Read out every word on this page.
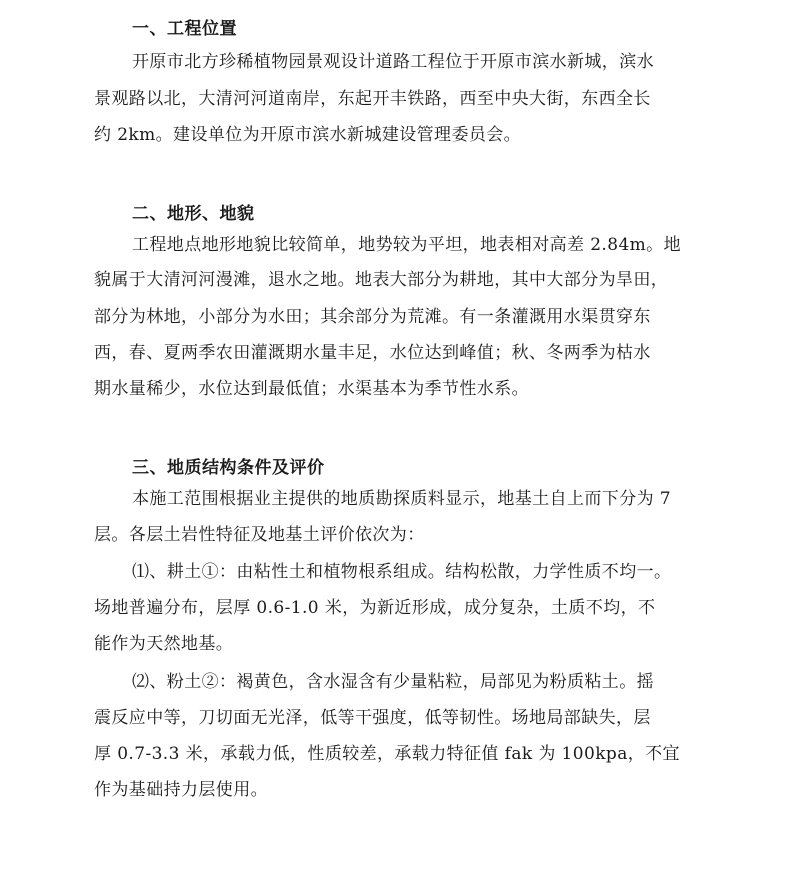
一、工程位置
开原市北方珍稀植物园景观设计道路工程位于开原市滨水新城，滨水
景观路以北，大清河河道南岸，东起开丰铁路，西至中央大街，东西全长
约 2km。建设单位为开原市滨水新城建设管理委员会。
二、地形、地貌
工程地点地形地貌比较简单，地势较为平坦，地表相对高差 2.84m。地
貌属于大清河河漫滩，退水之地。地表大部分为耕地，其中大部分为旱田，
部分为林地，小部分为水田；其余部分为荒滩。有一条灌溉用水渠贯穿东
西，春、夏两季农田灌溉期水量丰足，水位达到峰值；秋、冬两季为枯水
期水量稀少，水位达到最低值；水渠基本为季节性水系。
三、地质结构条件及评价
本施工范围根据业主提供的地质勘探质料显示，地基土自上而下分为 7
层。各层土岩性特征及地基土评价依次为：
⑴、耕土①：由粘性土和植物根系组成。结构松散，力学性质不均一。
场地普遍分布，层厚 0.6-1.0 米，为新近形成，成分复杂，土质不均，不
能作为天然地基。
⑵、粉土②：褐黄色，含水湿含有少量粘粒，局部见为粉质粘土。摇
震反应中等，刀切面无光泽，低等干强度，低等韧性。场地局部缺失，层
厚 0.7-3.3 米，承载力低，性质较差，承载力特征值 fak 为 100kpa，不宜
作为基础持力层使用。
